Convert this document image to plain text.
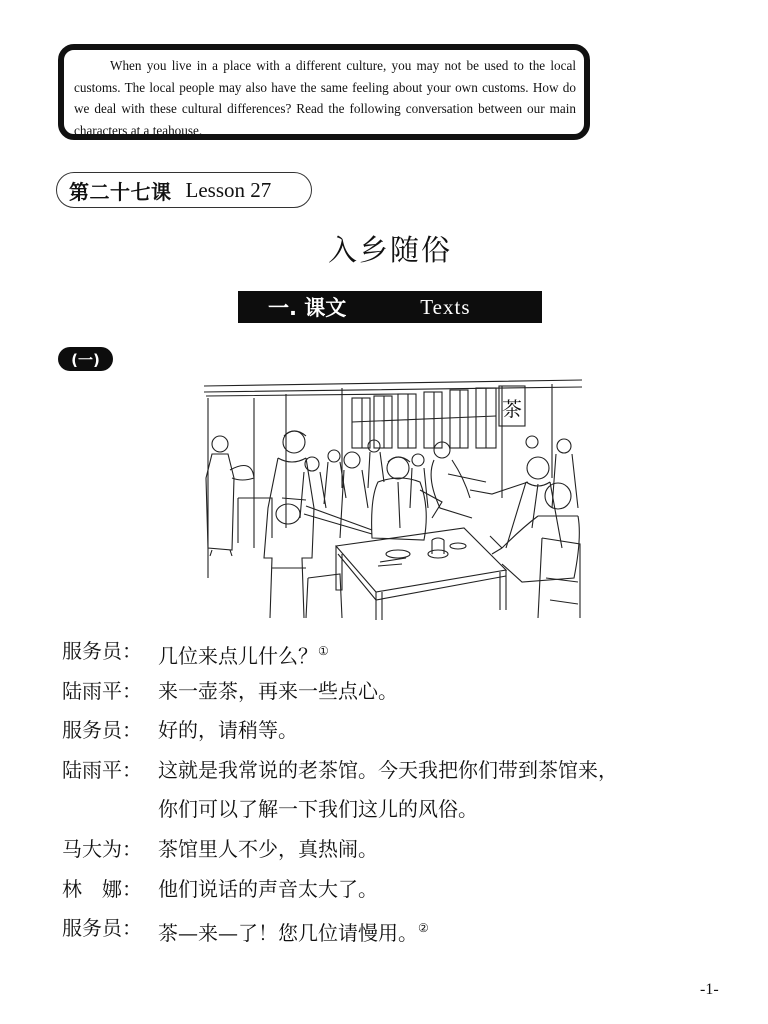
When you live in a place with a different culture, you may not be used to the local customs. The local people may also have the same feeling about your own customs. How do we deal with these cultural differences? Read the following conversation between our main characters at a teahouse.
第二十七课 Lesson 27
入乡随俗
一. 课文	Texts
(一)
茶
服务员： 几位来点儿什么？①
陆雨平： 来一壶茶，再来一些点心。
服务员： 好的，请稍等。
陆雨平： 这就是我常说的老茶馆。今天我把你们带到茶馆来，
你们可以了解一下我们这儿的风俗。
马大为： 茶馆里人不少，真热闹。
林　娜： 他们说话的声音太大了。
服务员： 茶—来—了！您几位请慢用。②
-1-
